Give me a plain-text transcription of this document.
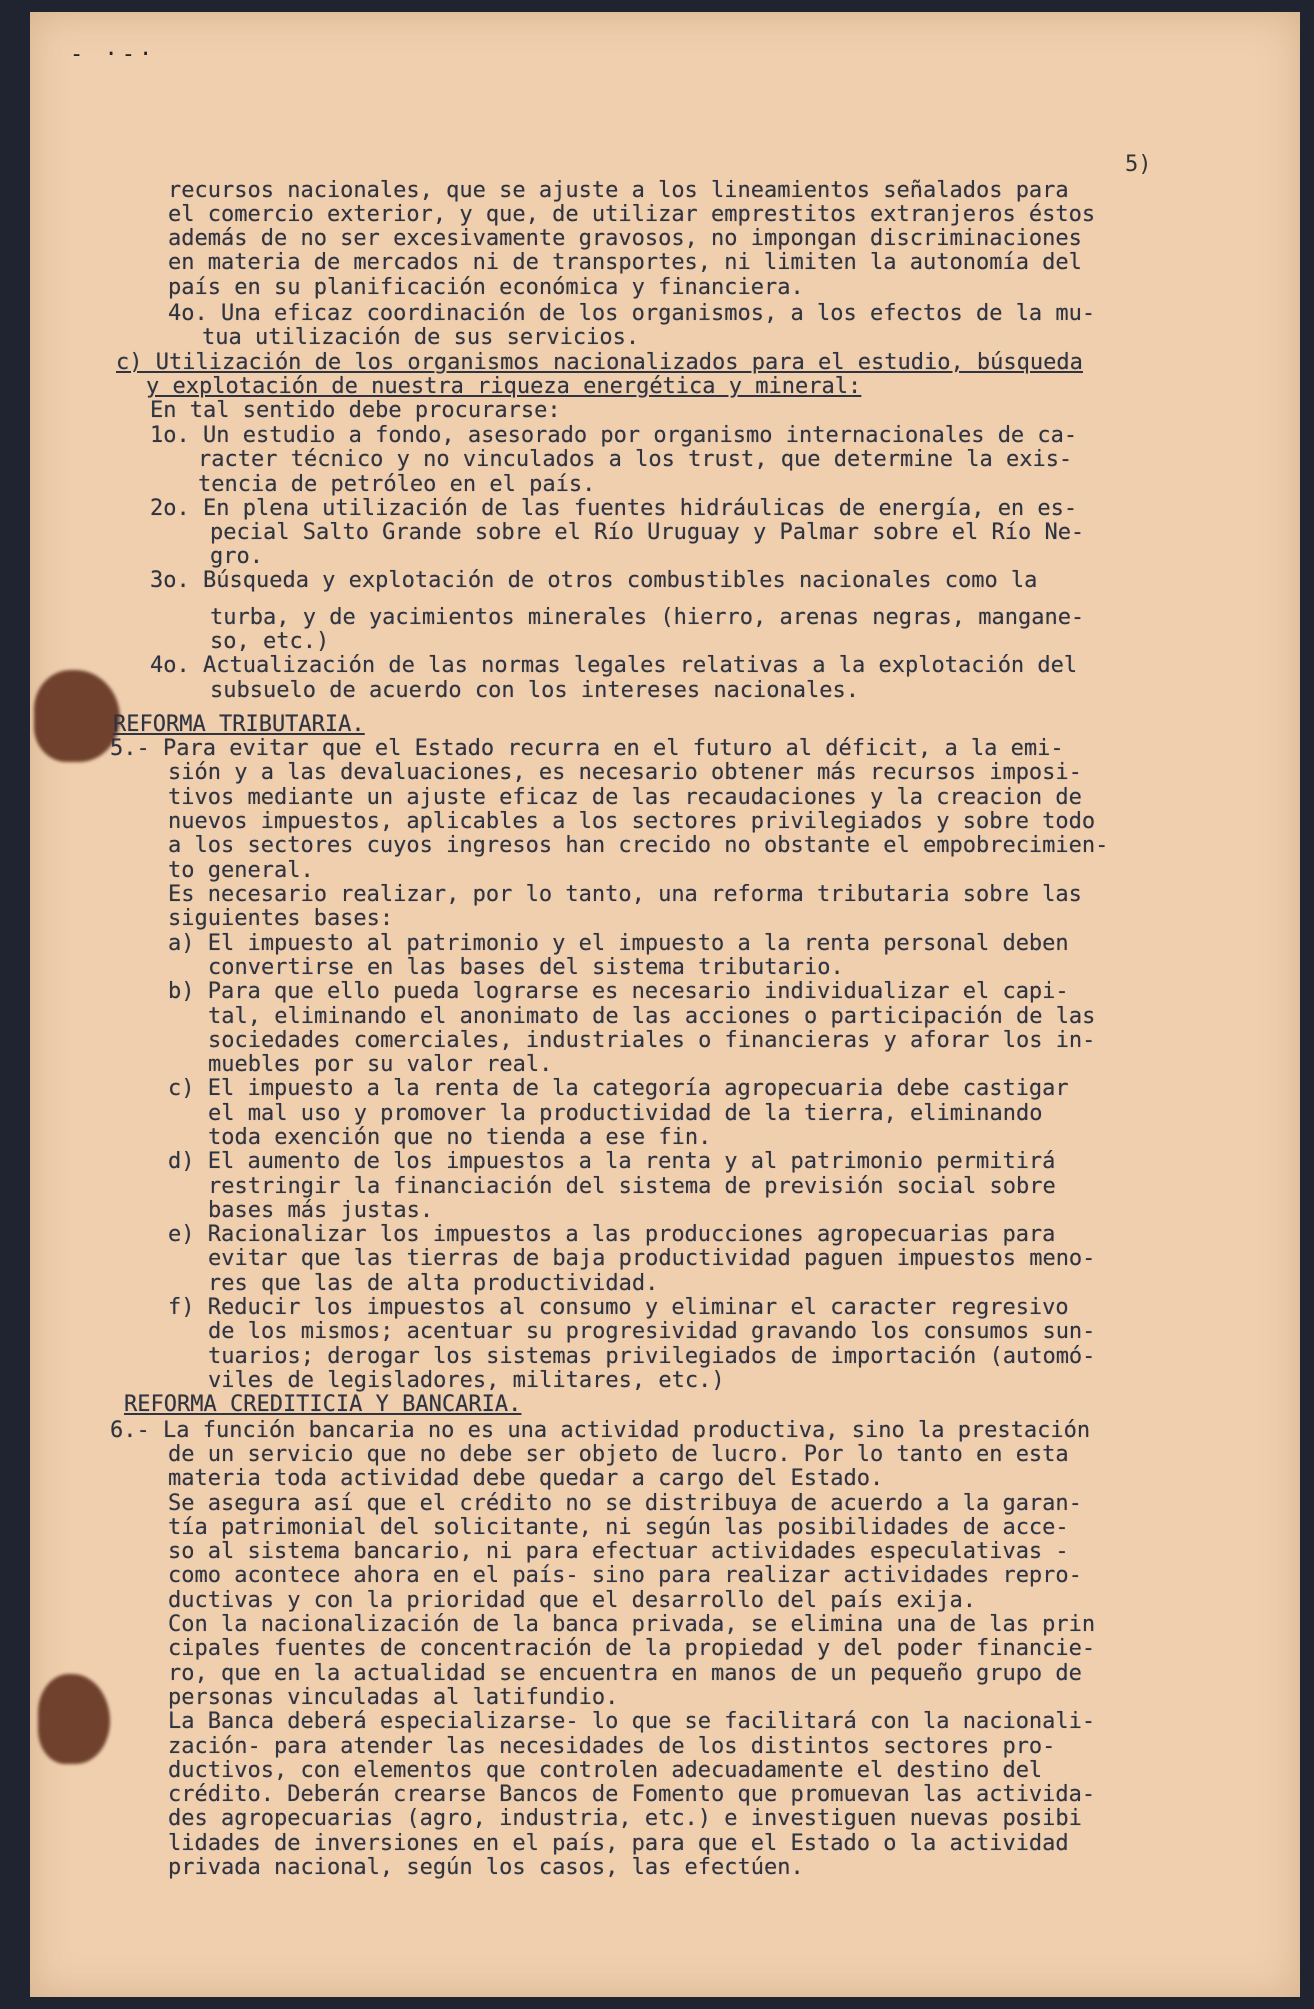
- ·-·
5)
recursos nacionales, que se ajuste a los lineamientos señalados para
el comercio exterior, y que, de utilizar emprestitos extranjeros éstos
además de no ser excesivamente gravosos, no impongan discriminaciones
en materia de mercados ni de transportes, ni limiten la autonomía del
país en su planificación económica y financiera.
4o. Una eficaz coordinación de los organismos, a los efectos de la mu-
tua utilización de sus servicios.
c) Utilización de los organismos nacionalizados para el estudio, búsqueda
y explotación de nuestra riqueza energética y mineral:
En tal sentido debe procurarse:
1o. Un estudio a fondo, asesorado por organismo internacionales de ca-
racter técnico y no vinculados a los trust, que determine la exis-
tencia de petróleo en el país.
2o. En plena utilización de las fuentes hidráulicas de energía, en es-
pecial Salto Grande sobre el Río Uruguay y Palmar sobre el Río Ne-
gro.
3o. Búsqueda y explotación de otros combustibles nacionales como la
turba, y de yacimientos minerales (hierro, arenas negras, mangane-
so, etc.)
4o. Actualización de las normas legales relativas a la explotación del
subsuelo de acuerdo con los intereses nacionales.
REFORMA TRIBUTARIA.
5.- Para evitar que el Estado recurra en el futuro al déficit, a la emi-
sión y a las devaluaciones, es necesario obtener más recursos imposi-
tivos mediante un ajuste eficaz de las recaudaciones y la creacion de
nuevos impuestos, aplicables a los sectores privilegiados y sobre todo
a los sectores cuyos ingresos han crecido no obstante el empobrecimien-
to general.
Es necesario realizar, por lo tanto, una reforma tributaria sobre las
siguientes bases:
a) El impuesto al patrimonio y el impuesto a la renta personal deben
convertirse en las bases del sistema tributario.
b) Para que ello pueda lograrse es necesario individualizar el capi-
tal, eliminando el anonimato de las acciones o participación de las
sociedades comerciales, industriales o financieras y aforar los in-
muebles por su valor real.
c) El impuesto a la renta de la categoría agropecuaria debe castigar
el mal uso y promover la productividad de la tierra, eliminando
toda exención que no tienda a ese fin.
d) El aumento de los impuestos a la renta y al patrimonio permitirá
restringir la financiación del sistema de previsión social sobre
bases más justas.
e) Racionalizar los impuestos a las producciones agropecuarias para
evitar que las tierras de baja productividad paguen impuestos meno-
res que las de alta productividad.
f) Reducir los impuestos al consumo y eliminar el caracter regresivo
de los mismos; acentuar su progresividad gravando los consumos sun-
tuarios; derogar los sistemas privilegiados de importación (automó-
viles de legisladores, militares, etc.)
REFORMA CREDITICIA Y BANCARIA.
6.- La función bancaria no es una actividad productiva, sino la prestación
de un servicio que no debe ser objeto de lucro. Por lo tanto en esta
materia toda actividad debe quedar a cargo del Estado.
Se asegura así que el crédito no se distribuya de acuerdo a la garan-
tía patrimonial del solicitante, ni según las posibilidades de acce-
so al sistema bancario, ni para efectuar actividades especulativas -
como acontece ahora en el país- sino para realizar actividades repro-
ductivas y con la prioridad que el desarrollo del país exija.
Con la nacionalización de la banca privada, se elimina una de las prin
cipales fuentes de concentración de la propiedad y del poder financie-
ro, que en la actualidad se encuentra en manos de un pequeño grupo de
personas vinculadas al latifundio.
La Banca deberá especializarse- lo que se facilitará con la nacionali-
zación- para atender las necesidades de los distintos sectores pro-
ductivos, con elementos que controlen adecuadamente el destino del
crédito. Deberán crearse Bancos de Fomento que promuevan las activida-
des agropecuarias (agro, industria, etc.) e investiguen nuevas posibi
lidades de inversiones en el país, para que el Estado o la actividad
privada nacional, según los casos, las efectúen.
